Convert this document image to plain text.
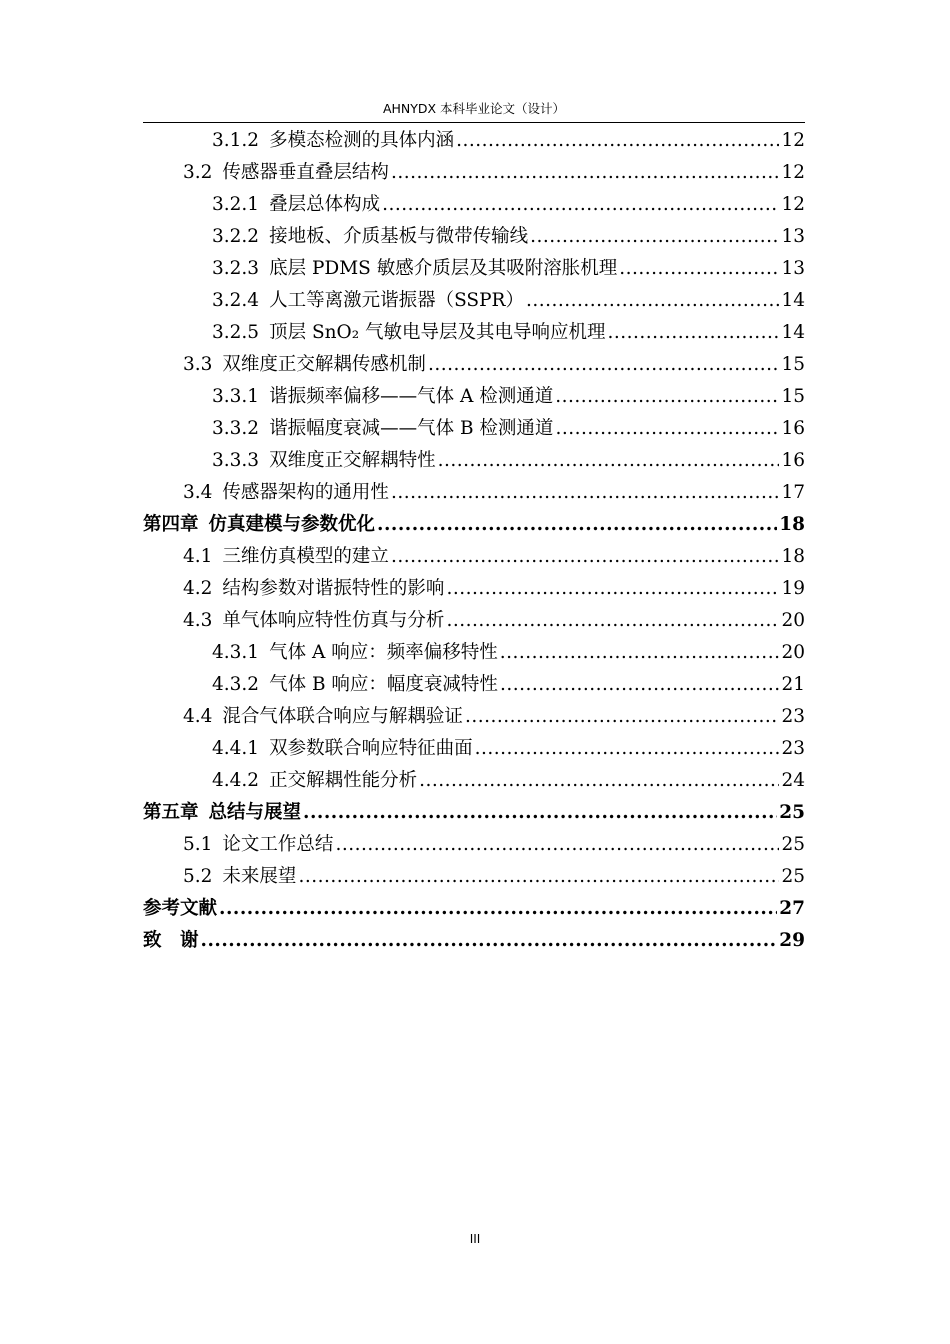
AHNYDX 本科毕业论文（设计）
3.1.2 多模态检测的具体内涵 .....	12
3.2 传感器垂直叠层结构 .....	12
3.2.1 叠层总体构成 .....	12
3.2.2 接地板、介质基板与微带传输线 .....	13
3.2.3 底层 PDMS 敏感介质层及其吸附溶胀机理 .....	13
3.2.4 人工等离激元谐振器（SSPR） .....	14
3.2.5 顶层 SnO₂ 气敏电导层及其电导响应机理 .....	14
3.3 双维度正交解耦传感机制 .....	15
3.3.1 谐振频率偏移——气体 A 检测通道 .....	15
3.3.2 谐振幅度衰减——气体 B 检测通道 .....	16
3.3.3 双维度正交解耦特性 .....	16
3.4 传感器架构的通用性 .....	17
第四章 仿真建模与参数优化 .....	18
4.1 三维仿真模型的建立 .....	18
4.2 结构参数对谐振特性的影响 .....	19
4.3 单气体响应特性仿真与分析 .....	20
4.3.1 气体 A 响应：频率偏移特性 .....	20
4.3.2 气体 B 响应：幅度衰减特性 .....	21
4.4 混合气体联合响应与解耦验证 .....	23
4.4.1 双参数联合响应特征曲面 .....	23
4.4.2 正交解耦性能分析 .....	24
第五章 总结与展望 .....	25
5.1 论文工作总结 .....	25
5.2 未来展望 .....	25
参考文献 .....	27
致　谢 .....	29
III
